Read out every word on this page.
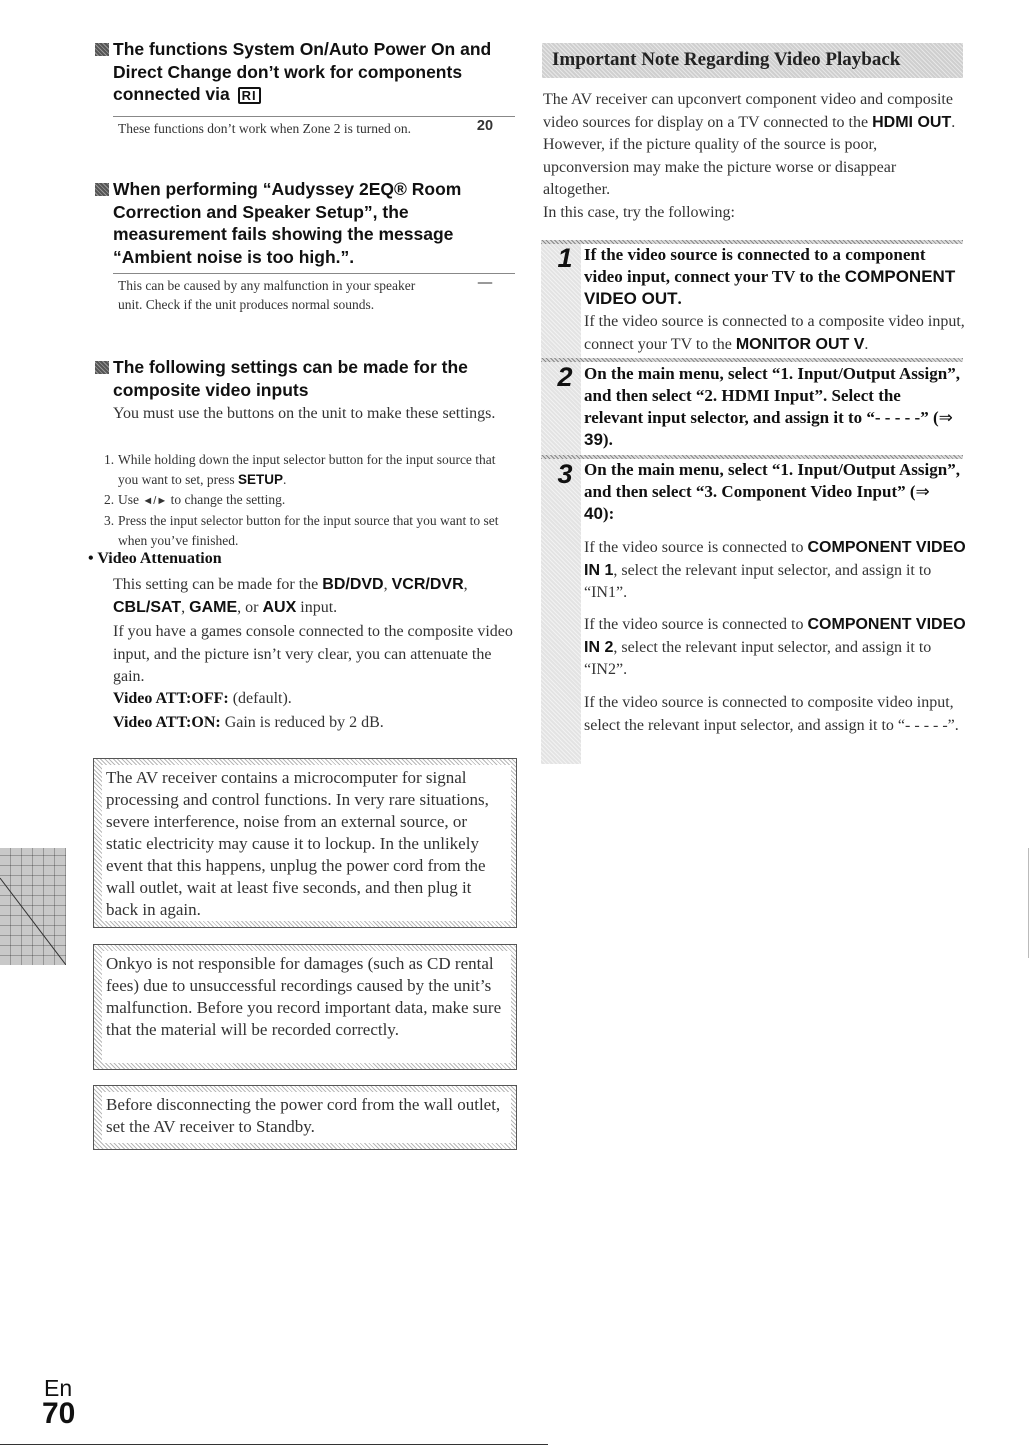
The functions System On/Auto Power On and
Direct Change don’t work for components
connected via RI
These functions don’t work when Zone 2 is turned on.	20
When performing “Audyssey 2EQ® Room
Correction and Speaker Setup”, the
measurement fails showing the message
“Ambient noise is too high.”.
This can be caused by any malfunction in your speaker unit. Check if the unit produces normal sounds.
—
The following settings can be made for the
composite video inputs
You must use the buttons on the unit to make these settings.
1. While holding down the input selector button for the input source that you want to set, press SETUP.
2. Use ◄/► to change the setting.
3. Press the input selector button for the input source that you want to set when you’ve finished.
• Video Attenuation
This setting can be made for the BD/DVD, VCR/DVR, CBL/SAT, GAME, or AUX input.
If you have a games console connected to the composite video input, and the picture isn’t very clear, you can attenuate the gain.
Video ATT:OFF: (default).
Video ATT:ON: Gain is reduced by 2 dB.
The AV receiver contains a microcomputer for signal processing and control functions. In very rare situations, severe interference, noise from an external source, or static electricity may cause it to lockup. In the unlikely event that this happens, unplug the power cord from the wall outlet, wait at least five seconds, and then plug it back in again.
Onkyo is not responsible for damages (such as CD rental fees) due to unsuccessful recordings caused by the unit’s malfunction. Before you record important data, make sure that the material will be recorded correctly.
Before disconnecting the power cord from the wall outlet, set the AV receiver to Standby.
Important Note Regarding Video Playback
The AV receiver can upconvert component video and composite video sources for display on a TV connected to the HDMI OUT. However, if the picture quality of the source is poor, upconversion may make the picture worse or disappear altogether.
In this case, try the following:
1 If the video source is connected to a component video input, connect your TV to the COMPONENT VIDEO OUT.
If the video source is connected to a composite video input, connect your TV to the MONITOR OUT V.
2 On the main menu, select “1. Input/Output Assign”, and then select “2. HDMI Input”. Select the relevant input selector, and assign it to “- - - - -” (⇒ 39).
3 On the main menu, select “1. Input/Output Assign”, and then select “3. Component Video Input” (⇒ 40):
If the video source is connected to COMPONENT VIDEO IN 1, select the relevant input selector, and assign it to “IN1”.
If the video source is connected to COMPONENT VIDEO IN 2, select the relevant input selector, and assign it to “IN2”.
If the video source is connected to composite video input, select the relevant input selector, and assign it to “- - - - -”.
En
70
